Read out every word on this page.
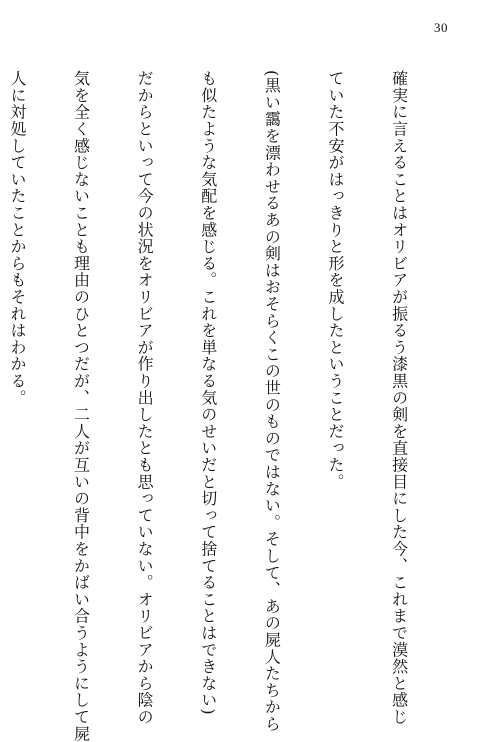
30

確実に言えることはオリビアが振るう漆黒の剣を直接目にした今、これまで漠然と感じ

ていた不安がはっきりと形を成したということだった。

(黒い靄を漂わせるあの剣はおそらくこの世のものではない。そして、あの屍人たちから

も似たような気配を感じる。これを単なる気のせいだと切って捨てることはできない)

だからといって今の状況をオリビアが作り出したとも思っていない。オリビアから陰の

気を全く感じないことも理由のひとつだが、二人が互いの背中をかばい合うようにして屍

人に対処していたことからもそれはわかる。
